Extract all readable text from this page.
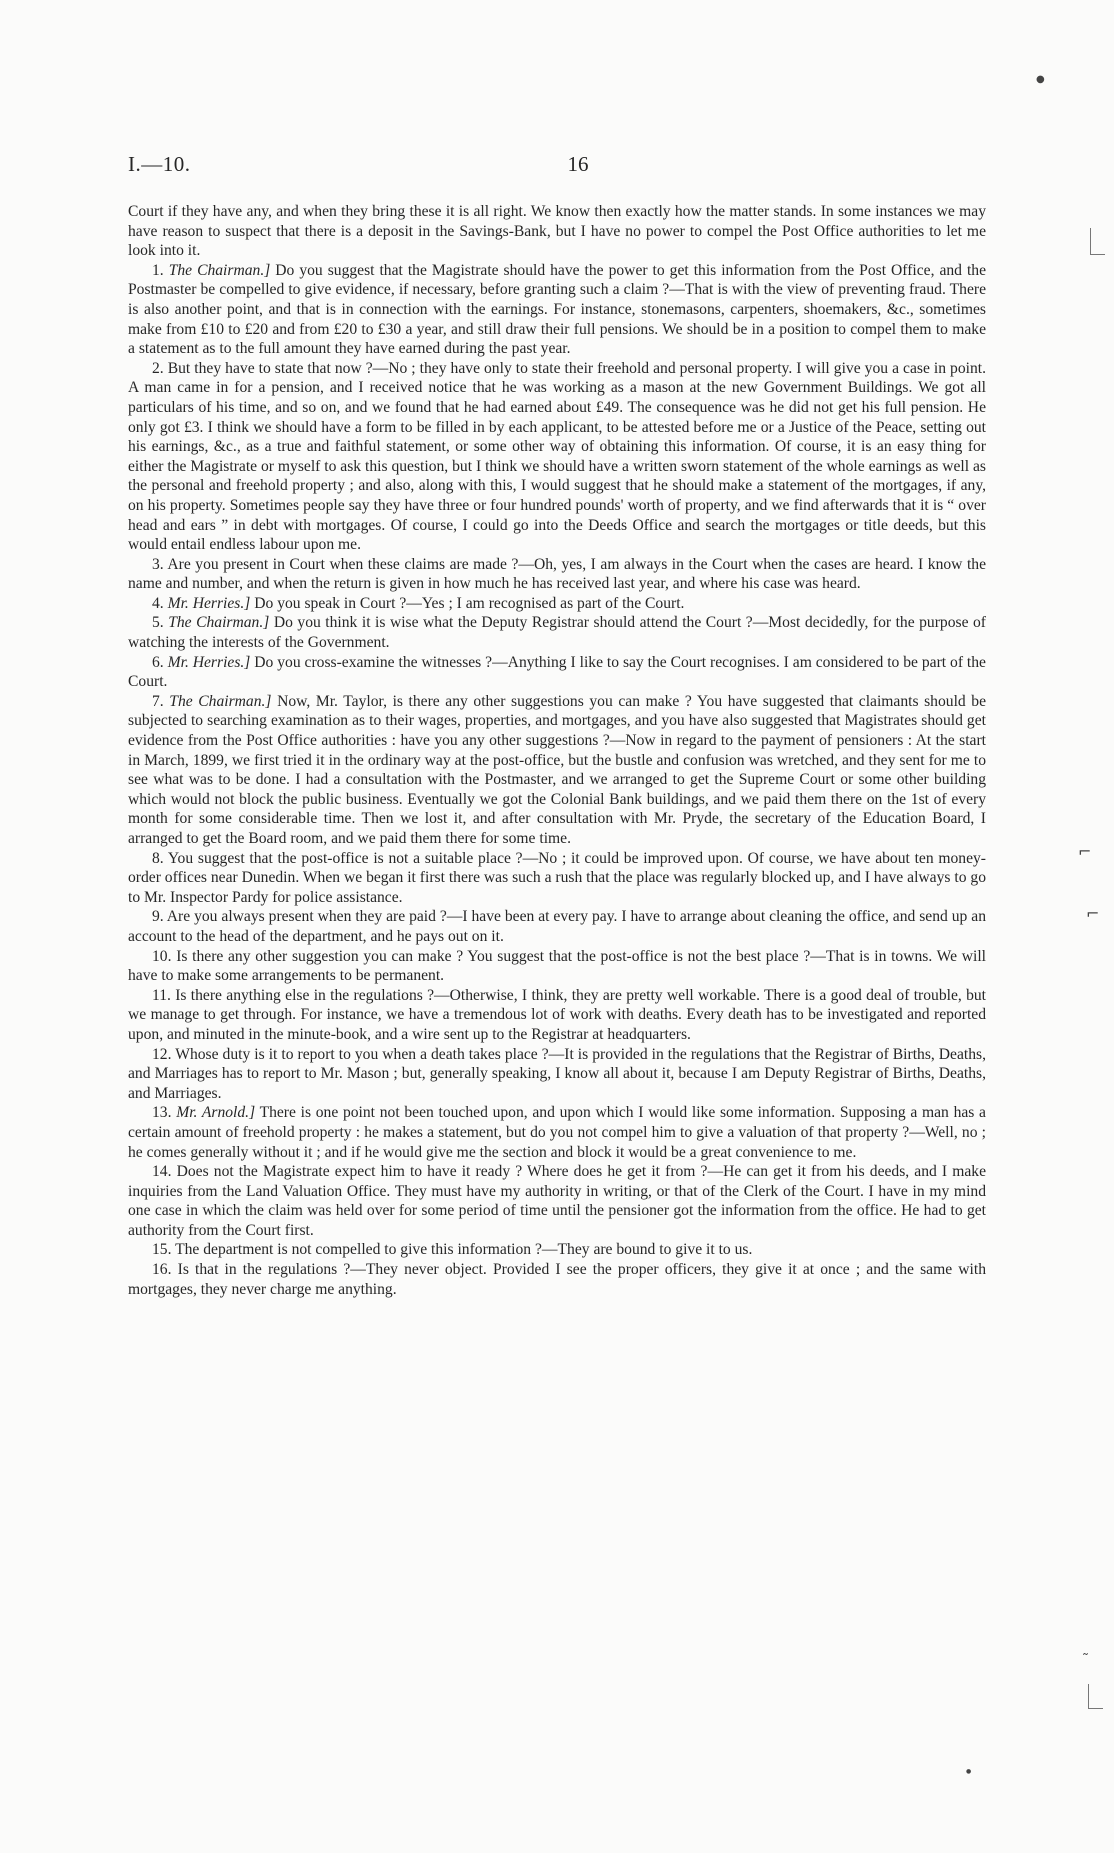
I.—10.	16

Court if they have any, and when they bring these it is all right. We know then exactly how the matter stands. In some instances we may have reason to suspect that there is a deposit in the Savings-Bank, but I have no power to compel the Post Office authorities to let me look into it.

1. The Chairman.] Do you suggest that the Magistrate should have the power to get this information from the Post Office, and the Postmaster be compelled to give evidence, if necessary, before granting such a claim ?—That is with the view of preventing fraud. There is also another point, and that is in connection with the earnings. For instance, stonemasons, carpenters, shoemakers, &c., sometimes make from £10 to £20 and from £20 to £30 a year, and still draw their full pensions. We should be in a position to compel them to make a statement as to the full amount they have earned during the past year.

2. But they have to state that now ?—No ; they have only to state their freehold and personal property. I will give you a case in point. A man came in for a pension, and I received notice that he was working as a mason at the new Government Buildings. We got all particulars of his time, and so on, and we found that he had earned about £49. The consequence was he did not get his full pension. He only got £3. I think we should have a form to be filled in by each applicant, to be attested before me or a Justice of the Peace, setting out his earnings, &c., as a true and faithful statement, or some other way of obtaining this information. Of course, it is an easy thing for either the Magistrate or myself to ask this question, but I think we should have a written sworn statement of the whole earnings as well as the personal and freehold property ; and also, along with this, I would suggest that he should make a statement of the mortgages, if any, on his property. Sometimes people say they have three or four hundred pounds' worth of property, and we find afterwards that it is “ over head and ears ” in debt with mortgages. Of course, I could go into the Deeds Office and search the mortgages or title deeds, but this would entail endless labour upon me.

3. Are you present in Court when these claims are made ?—Oh, yes, I am always in the Court when the cases are heard. I know the name and number, and when the return is given in how much he has received last year, and where his case was heard.

4. Mr. Herries.] Do you speak in Court ?—Yes ; I am recognised as part of the Court.

5. The Chairman.] Do you think it is wise what the Deputy Registrar should attend the Court ?—Most decidedly, for the purpose of watching the interests of the Government.

6. Mr. Herries.] Do you cross-examine the witnesses ?—Anything I like to say the Court recognises. I am considered to be part of the Court.

7. The Chairman.] Now, Mr. Taylor, is there any other suggestions you can make ? You have suggested that claimants should be subjected to searching examination as to their wages, properties, and mortgages, and you have also suggested that Magistrates should get evidence from the Post Office authorities : have you any other suggestions ?—Now in regard to the payment of pensioners : At the start in March, 1899, we first tried it in the ordinary way at the post-office, but the bustle and confusion was wretched, and they sent for me to see what was to be done. I had a consultation with the Postmaster, and we arranged to get the Supreme Court or some other building which would not block the public business. Eventually we got the Colonial Bank buildings, and we paid them there on the 1st of every month for some considerable time. Then we lost it, and after consultation with Mr. Pryde, the secretary of the Education Board, I arranged to get the Board room, and we paid them there for some time.

8. You suggest that the post-office is not a suitable place ?—No ; it could be improved upon. Of course, we have about ten money-order offices near Dunedin. When we began it first there was such a rush that the place was regularly blocked up, and I have always to go to Mr. Inspector Pardy for police assistance.

9. Are you always present when they are paid ?—I have been at every pay. I have to arrange about cleaning the office, and send up an account to the head of the department, and he pays out on it.

10. Is there any other suggestion you can make ? You suggest that the post-office is not the best place ?—That is in towns. We will have to make some arrangements to be permanent.

11. Is there anything else in the regulations ?—Otherwise, I think, they are pretty well workable. There is a good deal of trouble, but we manage to get through. For instance, we have a tremendous lot of work with deaths. Every death has to be investigated and reported upon, and minuted in the minute-book, and a wire sent up to the Registrar at headquarters.

12. Whose duty is it to report to you when a death takes place ?—It is provided in the regulations that the Registrar of Births, Deaths, and Marriages has to report to Mr. Mason ; but, generally speaking, I know all about it, because I am Deputy Registrar of Births, Deaths, and Marriages.

13. Mr. Arnold.] There is one point not been touched upon, and upon which I would like some information. Supposing a man has a certain amount of freehold property : he makes a statement, but do you not compel him to give a valuation of that property ?—Well, no ; he comes generally without it ; and if he would give me the section and block it would be a great convenience to me.

14. Does not the Magistrate expect him to have it ready ? Where does he get it from ?—He can get it from his deeds, and I make inquiries from the Land Valuation Office. They must have my authority in writing, or that of the Clerk of the Court. I have in my mind one case in which the claim was held over for some period of time until the pensioner got the information from the office. He had to get authority from the Court first.

15. The department is not compelled to give this information ?—They are bound to give it to us.

16. Is that in the regulations ?—They never object. Provided I see the proper officers, they give it at once ; and the same with mortgages, they never charge me anything.

●
⌐
⌐
˜
●
